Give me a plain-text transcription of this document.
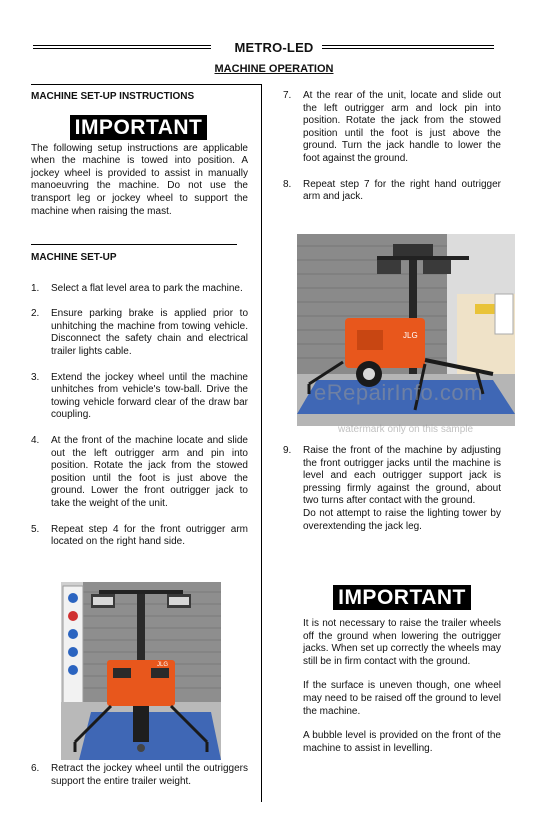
METRO-LED
MACHINE OPERATION
MACHINE SET-UP INSTRUCTIONS
IMPORTANT
The following setup instructions are applicable when the machine is towed into position. A jockey wheel is provided to assist in manually manoeuvring the machine. Do not use the transport leg or jockey wheel to support the machine when raising the mast.
MACHINE SET-UP
1.	Select a flat level area to park the machine.
2.	Ensure parking brake is applied prior to unhitching the machine from towing vehicle. Disconnect the safety chain and electrical trailer lights cable.
3.	Extend the jockey wheel until the machine unhitches from vehicle's tow-ball. Drive the towing vehicle forward clear of the draw bar coupling.
4.	At the front of the machine locate and slide out the left outrigger arm and pin into position. Rotate the jack from the stowed position until the foot is just above the ground. Lower the front outrigger jack to take the weight of the unit.
5.	Repeat step 4 for the front outrigger arm located on the right hand side.
JLG
6.	Retract the jockey wheel until the outriggers support the entire trailer weight.
7.	At the rear of the unit, locate and slide out the left outrigger arm and lock pin into position. Rotate the jack from the stowed position until the foot is just above the ground. Turn the jack handle to lower the foot against the ground.
8.	Repeat step 7 for the right hand outrigger arm and jack.
JLG
eRepairInfo.com
watermark only on this sample
9.	Raise the front of the machine by adjusting the front outrigger jacks until the machine is level and each outrigger support jack is pressing firmly against the ground, about two turns after contact with the ground.
Do not attempt to raise the lighting tower by overextending the jack leg.
IMPORTANT
It is not necessary to raise the trailer wheels off the ground when lowering the outrigger jacks. When set up correctly the wheels may still be in firm contact with the ground.
If the surface is uneven though, one wheel may need to be raised off the ground to level the machine.
A bubble level is provided on the front of the machine to assist in levelling.
